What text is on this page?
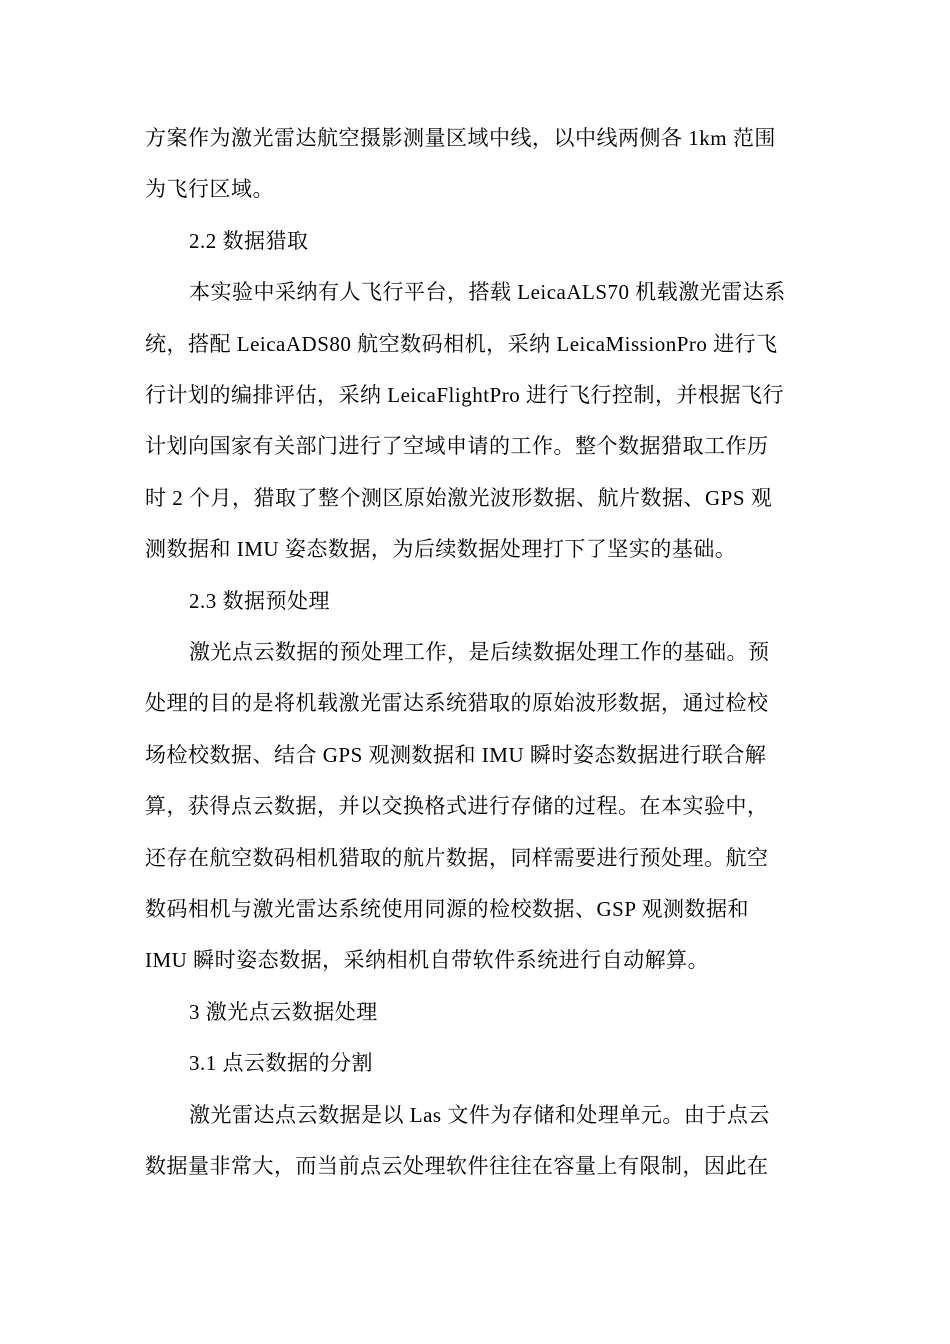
方案作为激光雷达航空摄影测量区域中线，以中线两侧各 1km 范围
为飞行区域。
2.2 数据猎取
本实验中采纳有人飞行平台，搭载 LeicaALS70 机载激光雷达系
统，搭配 LeicaADS80 航空数码相机，采纳 LeicaMissionPro 进行飞
行计划的编排评估，采纳 LeicaFlightPro 进行飞行控制，并根据飞行
计划向国家有关部门进行了空域申请的工作。整个数据猎取工作历
时 2 个月，猎取了整个测区原始激光波形数据、航片数据、GPS 观
测数据和 IMU 姿态数据，为后续数据处理打下了坚实的基础。
2.3 数据预处理
激光点云数据的预处理工作，是后续数据处理工作的基础。预
处理的目的是将机载激光雷达系统猎取的原始波形数据，通过检校
场检校数据、结合 GPS 观测数据和 IMU 瞬时姿态数据进行联合解
算，获得点云数据，并以交换格式进行存储的过程。在本实验中，
还存在航空数码相机猎取的航片数据，同样需要进行预处理。航空
数码相机与激光雷达系统使用同源的检校数据、GSP 观测数据和
IMU 瞬时姿态数据，采纳相机自带软件系统进行自动解算。
3 激光点云数据处理
3.1 点云数据的分割
激光雷达点云数据是以 Las 文件为存储和处理单元。由于点云
数据量非常大，而当前点云处理软件往往在容量上有限制，因此在
